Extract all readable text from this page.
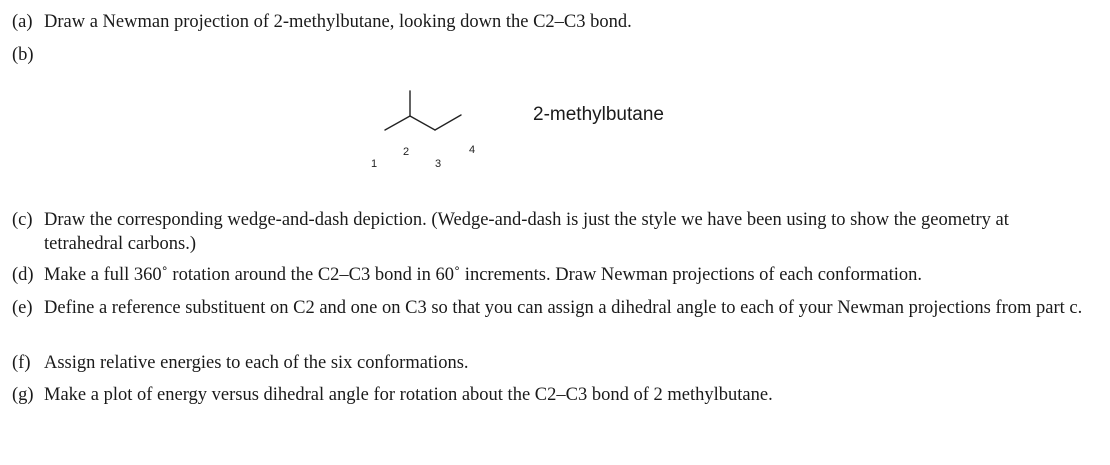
(a) Draw a Newman projection of 2-methylbutane, looking down the C2–C3 bond.
(b)
1
2
3
4
2-methylbutane
(c) Draw the corresponding wedge-and-dash depiction. (Wedge-and-dash is just the style we have been using to show the geometry at tetrahedral carbons.)
(d) Make a full 360˚ rotation around the C2–C3 bond in 60˚ increments. Draw Newman projections of each conformation.
(e) Define a reference substituent on C2 and one on C3 so that you can assign a dihedral angle to each of your Newman projections from part c.
(f) Assign relative energies to each of the six conformations.
(g) Make a plot of energy versus dihedral angle for rotation about the C2–C3 bond of 2 methylbutane.
